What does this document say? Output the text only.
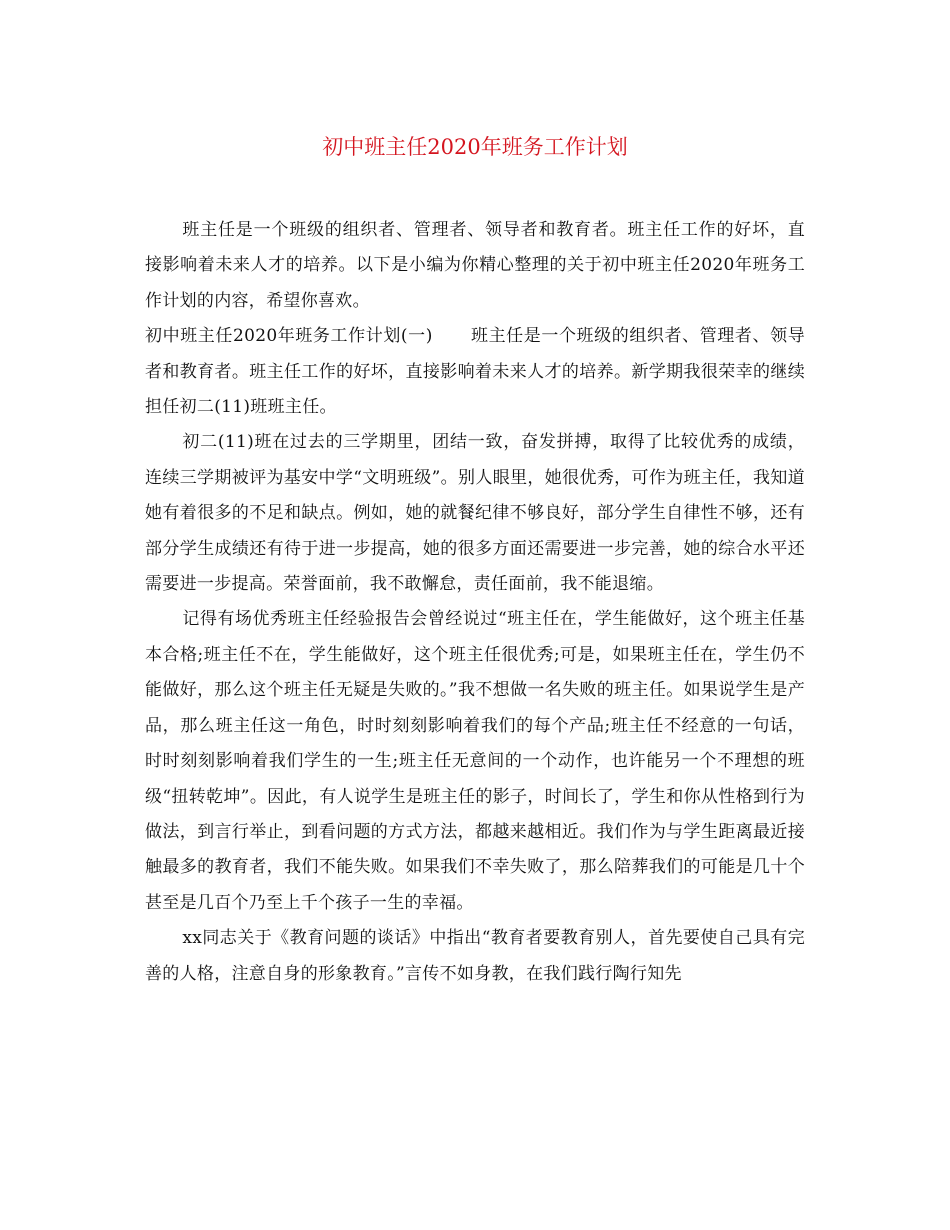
初中班主任2020年班务工作计划

班主任是一个班级的组织者、管理者、领导者和教育者。班主任工作的好坏，直接影响着未来人才的培养。以下是小编为你精心整理的关于初中班主任2020年班务工作计划的内容，希望你喜欢。

初中班主任2020年班务工作计划(一) 班主任是一个班级的组织者、管理者、领导者和教育者。班主任工作的好坏，直接影响着未来人才的培养。新学期我很荣幸的继续担任初二(11)班班主任。

初二(11)班在过去的三学期里，团结一致，奋发拼搏，取得了比较优秀的成绩，连续三学期被评为基安中学“文明班级”。别人眼里，她很优秀，可作为班主任，我知道她有着很多的不足和缺点。例如，她的就餐纪律不够良好，部分学生自律性不够，还有部分学生成绩还有待于进一步提高，她的很多方面还需要进一步完善，她的综合水平还需要进一步提高。荣誉面前，我不敢懈怠，责任面前，我不能退缩。

记得有场优秀班主任经验报告会曾经说过“班主任在，学生能做好，这个班主任基本合格;班主任不在，学生能做好，这个班主任很优秀;可是，如果班主任在，学生仍不能做好，那么这个班主任无疑是失败的。”我不想做一名失败的班主任。如果说学生是产品，那么班主任这一角色，时时刻刻影响着我们的每个产品;班主任不经意的一句话，时时刻刻影响着我们学生的一生;班主任无意间的一个动作，也许能另一个不理想的班级“扭转乾坤”。因此，有人说学生是班主任的影子，时间长了，学生和你从性格到行为做法，到言行举止，到看问题的方式方法，都越来越相近。我们作为与学生距离最近接触最多的教育者，我们不能失败。如果我们不幸失败了，那么陪葬我们的可能是几十个甚至是几百个乃至上千个孩子一生的幸福。

xx同志关于《教育问题的谈话》中指出“教育者要教育别人，首先要使自己具有完善的人格，注意自身的形象教育。”言传不如身教，在我们践行陶行知先
